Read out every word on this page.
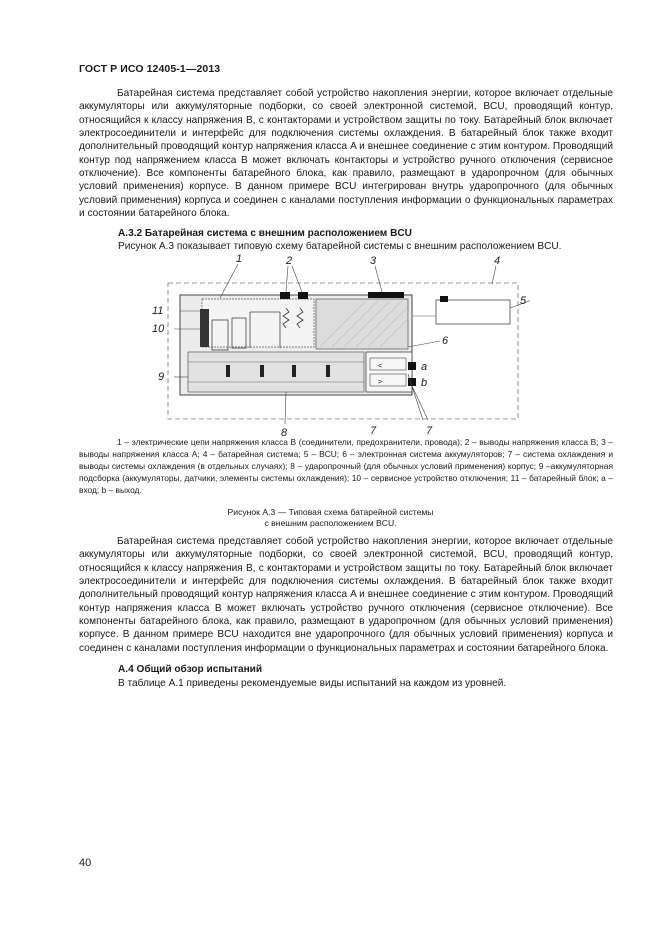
ГОСТ Р ИСО 12405-1—2013

Батарейная система представляет собой устройство накопления энергии, которое включает отдельные аккумуляторы или аккумуляторные подборки, со своей электронной системой, BCU, проводящий контур, относящийся к классу напряжения B, с контакторами и устройством защиты по току. Батарейный блок включает электросоединители и интерфейс для подключения системы охлаждения. В батарейный блок также входит дополнительный проводящий контур напряжения класса A и внешнее соединение с этим контуром. Проводящий контур под напряжением класса B может включать контакторы и устройство ручного отключения (сервисное отключение). Все компоненты батарейного блока, как правило, размещают в ударопрочном (для обычных условий применения) корпусе. В данном примере BCU интегрирован внутрь ударопрочного (для обычных условий применения) корпуса и соединен с каналами поступления информации о функциональных параметрах и состоянии батарейного блока.

А.3.2 Батарейная система с внешним расположением BCU
Рисунок А.3 показывает типовую схему батарейной системы с внешним расположением BCU.
<
>
a
b
1	2	3	4
5
6
7
7
8
9
10
11

1 – электрические цепи напряжения класса B (соединители, предохранители, провода); 2 – выводы напряжения класса B; 3 – выводы напряжения класса A; 4 – батарейная система; 5 – BCU; 6 – электронная система аккумуляторов; 7 – система охлаждения и выводы системы охлаждения (в отдельных случаях); 8 – ударопрочный (для обычных условий применения) корпус; 9 –аккумуляторная подсборка (аккумуляторы, датчики, элементы системы охлаждения); 10 – сервисное устройство отключения; 11 – батарейный блок; a – вход; b – выход.

Рисунок А.3 — Типовая схема батарейной системы
с внешним расположением BCU.

Батарейная система представляет собой устройство накопления энергии, которое включает отдельные аккумуляторы или аккумуляторные подборки, со своей электронной системой, BCU, проводящий контур, относящийся к классу напряжения B, с контакторами и устройством защиты по току. Батарейный блок включает электросоединители и интерфейс для подключения системы охлаждения. В батарейный блок также входит дополнительный проводящий контур напряжения класса A и внешнее соединение с этим контуром. Проводящий контур напряжения класса B может включать устройство ручного отключения (сервисное отключение). Все компоненты батарейного блока, как правило, размещают в ударопрочном (для обычных условий применения) корпусе. В данном примере BCU находится вне ударопрочного (для обычных условий применения) корпуса и соединен с каналами поступления информации о функциональных параметрах и состоянии батарейного блока.

А.4 Общий обзор испытаний
В таблице А.1 приведены рекомендуемые виды испытаний на каждом из уровней.
40
